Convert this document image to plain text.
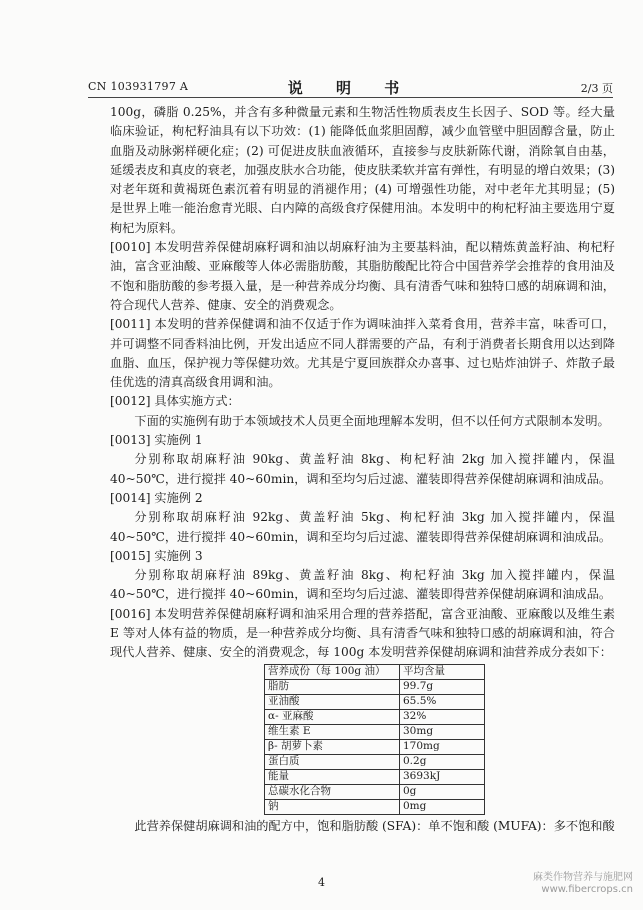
CN 103931797 A	说 明 书	2/3 页

100g，磷脂 0.25%，并含有多种微量元素和生物活性物质表皮生长因子、SOD 等。经大量临床验证，枸杞籽油具有以下功效：(1) 能降低血浆胆固醇，减少血管壁中胆固醇含量，防止血脂及动脉粥样硬化症；(2) 可促进皮肤血液循环，直接参与皮肤新陈代谢，消除氧自由基，延缓表皮和真皮的衰老，加强皮肤水合功能，使皮肤柔软并富有弹性，有明显的增白效果；(3) 对老年斑和黄褐斑色素沉着有明显的消褪作用；(4) 可增强性功能，对中老年尤其明显；(5) 是世界上唯一能治愈青光眼、白内障的高级食疗保健用油。本发明中的枸杞籽油主要选用宁夏枸杞为原料。

[0010] 本发明营养保健胡麻籽调和油以胡麻籽油为主要基料油，配以精炼黄盖籽油、枸杞籽油，富含亚油酸、亚麻酸等人体必需脂肪酸，其脂肪酸配比符合中国营养学会推荐的食用油及不饱和脂肪酸的参考摄入量，是一种营养成分均衡、具有清香气味和独特口感的胡麻调和油，符合现代人营养、健康、安全的消费观念。

[0011] 本发明的营养保健调和油不仅适于作为调味油拌入菜肴食用，营养丰富，味香可口，并可调整不同香料油比例，开发出适应不同人群需要的产品，有利于消费者长期食用以达到降血脂、血压，保护视力等保健功效。尤其是宁夏回族群众办喜事、过乜贴炸油饼子、炸散子最佳优选的清真高级食用调和油。

[0012] 具体实施方式：

下面的实施例有助于本领域技术人员更全面地理解本发明，但不以任何方式限制本发明。

[0013] 实施例 1

分别称取胡麻籽油 90kg、黄盖籽油 8kg、枸杞籽油 2kg 加入搅拌罐内，保温 40~50℃，进行搅拌 40~60min，调和至均匀后过滤、灌装即得营养保健胡麻调和油成品。

[0014] 实施例 2

分别称取胡麻籽油 92kg、黄盖籽油 5kg、枸杞籽油 3kg 加入搅拌罐内，保温 40~50℃，进行搅拌 40~60min，调和至均匀后过滤、灌装即得营养保健胡麻调和油成品。

[0015] 实施例 3

分别称取胡麻籽油 89kg、黄盖籽油 8kg、枸杞籽油 3kg 加入搅拌罐内，保温 40~50℃，进行搅拌 40~60min，调和至均匀后过滤、灌装即得营养保健胡麻调和油成品。

[0016] 本发明营养保健胡麻籽调和油采用合理的营养搭配，富含亚油酸、亚麻酸以及维生素 E 等对人体有益的物质，是一种营养成分均衡、具有清香气味和独特口感的胡麻调和油，符合现代人营养、健康、安全的消费观念，每 100g 本发明营养保健胡麻调和油营养成分表如下：

营养成份（每 100g 油）	平均含量
脂肪	99.7g
亚油酸	65.5%
α- 亚麻酸	32%
维生素 E	30mg
β- 胡萝卜素	170mg
蛋白质	0.2g
能量	3693kJ
总碳水化合物	0g
钠	0mg

此营养保健胡麻调和油的配方中，饱和脂肪酸 (SFA)：单不饱和酸 (MUFA)：多不饱和酸

4	麻类作物营养与施肥网
www.fibercrops.cn
